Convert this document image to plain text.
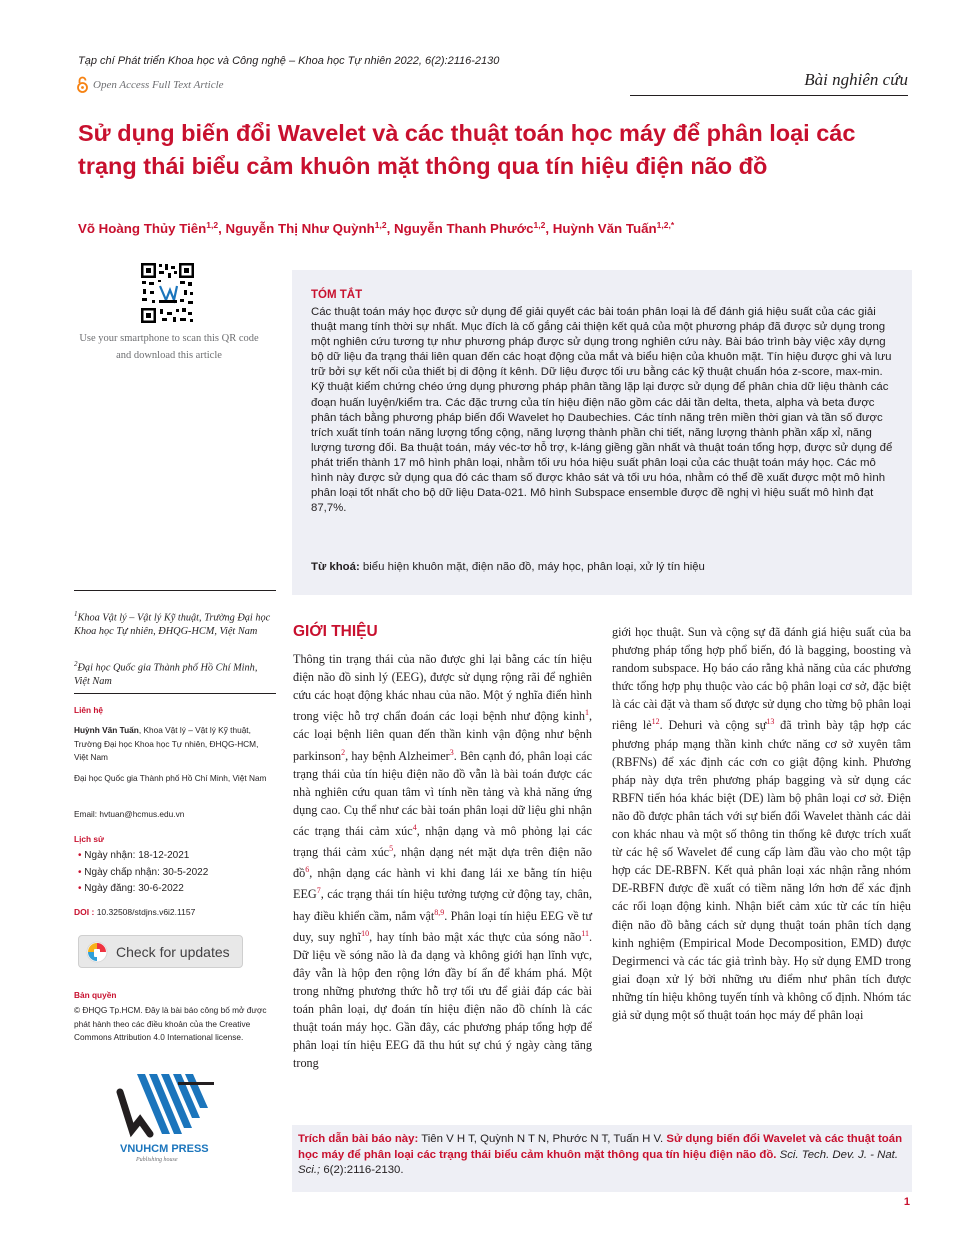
Tạp chí Phát triển Khoa học và Công nghệ – Khoa học Tự nhiên 2022, 6(2):2116-2130
Open Access Full Text Article	Bài nghiên cứu
Sử dụng biến đổi Wavelet và các thuật toán học máy để phân loại các trạng thái biểu cảm khuôn mặt thông qua tín hiệu điện não đồ
Võ Hoàng Thủy Tiên$^{1,2}$, Nguyễn Thị Như Quỳnh$^{1,2}$, Nguyễn Thanh Phước$^{1,2}$, Huỳnh Văn Tuấn$^{1,2,*}$
Use your smartphone to scan this QR code and download this article
TÓM TẮT
Các thuật toán máy học được sử dụng để giải quyết các bài toán phân loại là để đánh giá hiệu suất của các giải thuật mang tính thời sự nhất. Mục đích là cố gắng cải thiện kết quả của một phương pháp đã được sử dụng trong một nghiên cứu tương tự như phương pháp được sử dụng trong nghiên cứu này. Bài báo trình bày việc xây dựng bộ dữ liệu đa trạng thái liên quan đến các hoạt động của mắt và biểu hiện của khuôn mặt. Tín hiệu được ghi và lưu trữ bởi sự kết nối của thiết bị di động ít kênh. Dữ liệu được tối ưu bằng các kỹ thuật chuẩn hóa z-score, max-min. Kỹ thuật kiểm chứng chéo ứng dụng phương pháp phân tầng lặp lại được sử dụng để phân chia dữ liệu thành các đoạn huấn luyện/kiểm tra. Các đặc trưng của tín hiệu điện não gồm các dải tần delta, theta, alpha và beta được phân tách bằng phương pháp biến đổi Wavelet họ Daubechies. Các tính năng trên miền thời gian và tần số được trích xuất tính toán năng lượng tổng cộng, năng lượng thành phần chi tiết, năng lượng thành phần xấp xỉ, năng lượng tương đối. Ba thuật toán, máy véc-tơ hỗ trợ, k-láng giềng gần nhất và thuật toán tổng hợp, được sử dụng để phát triển thành 17 mô hình phân loại, nhằm tối ưu hóa hiệu suất phân loại của các thuật toán máy học. Các mô hình này được sử dụng qua đó các tham số được khảo sát và tối ưu hóa, nhằm có thể đề xuất được một mô hình phân loại tốt nhất cho bộ dữ liệu Data-021. Mô hình Subspace ensemble được đề nghị vì hiệu suất mô hình đạt 87,7%.
Từ khoá: biểu hiện khuôn mặt, điện não đồ, máy học, phân loại, xử lý tín hiệu
$^1$Khoa Vật lý – Vật lý Kỹ thuật, Trường Đại học Khoa học Tự nhiên, ĐHQG-HCM, Việt Nam
$^2$Đại học Quốc gia Thành phố Hồ Chí Minh, Việt Nam
Liên hệ
Huỳnh Văn Tuấn, Khoa Vật lý – Vật lý Kỹ thuật, Trường Đại học Khoa học Tự nhiên, ĐHQG-HCM, Việt Nam
Đại học Quốc gia Thành phố Hồ Chí Minh, Việt Nam
Email: hvtuan@hcmus.edu.vn
Lịch sử
• Ngày nhận: 18-12-2021
• Ngày chấp nhận: 30-5-2022
• Ngày đăng: 30-6-2022
DOI : 10.32508/stdjns.v6i2.1157
Check for updates
Bản quyền
© ĐHQG Tp.HCM. Đây là bài báo công bố mở được phát hành theo các điều khoản của the Creative Commons Attribution 4.0 International license.
VNUHCM PRESS
Publishing house
GIỚI THIỆU
Thông tin trạng thái của não được ghi lại bằng các tín hiệu điện não đồ sinh lý (EEG), được sử dụng rộng rãi để nghiên cứu các hoạt động khác nhau của não. Một ý nghĩa điển hình trong việc hỗ trợ chẩn đoán các loại bệnh như động kinh$^1$, các loại bệnh liên quan đến thần kinh vận động như bệnh parkinson$^2$, hay bệnh Alzheimer$^3$. Bên cạnh đó, phân loại các trạng thái của tín hiệu điện não đồ vẫn là bài toán được các nhà nghiên cứu quan tâm vì tính nền tảng và khả năng ứng dụng cao. Cụ thể như các bài toán phân loại dữ liệu ghi nhận các trạng thái cảm xúc$^4$, nhận dạng và mô phỏng lại các trạng thái cảm xúc$^5$, nhận dạng nét mặt dựa trên điện não đồ$^6$, nhận dạng các hành vi khi đang lái xe bằng tín hiệu EEG$^7$, các trạng thái tín hiệu tưởng tượng cử động tay, chân, hay điều khiển cầm, nắm vật$^{8,9}$. Phân loại tín hiệu EEG về tư duy, suy nghĩ$^{10}$, hay tính bảo mật xác thực của sóng não$^{11}$. Dữ liệu về sóng não là đa dạng và không giới hạn lĩnh vực, đây vẫn là hộp đen rộng lớn đầy bí ẩn để khám phá. Một trong những phương thức hỗ trợ tối ưu để giải đáp các bài toán phân loại, dự đoán tín hiệu điện não đồ chính là các thuật toán máy học. Gần đây, các phương pháp tổng hợp để phân loại tín hiệu EEG đã thu hút sự chú ý ngày càng tăng trong
giới học thuật. Sun và cộng sự đã đánh giá hiệu suất của ba phương pháp tổng hợp phổ biến, đó là bagging, boosting và random subspace. Họ báo cáo rằng khả năng của các phương thức tổng hợp phụ thuộc vào các bộ phân loại cơ sở, đặc biệt là các cài đặt và tham số được sử dụng cho từng bộ phân loại riêng lẻ$^{12}$. Dehuri và cộng sự$^{13}$ đã trình bày tập hợp các phương pháp mạng thần kinh chức năng cơ sở xuyên tâm (RBFNs) để xác định các cơn co giật động kinh. Phương pháp này dựa trên phương pháp bagging và sử dụng các RBFN tiến hóa khác biệt (DE) làm bộ phân loại cơ sở. Điện não đồ được phân tách với sự biến đổi Wavelet thành các dải con khác nhau và một số thông tin thống kê được trích xuất từ các hệ số Wavelet để cung cấp làm đầu vào cho một tập hợp các DE-RBFN. Kết quả phân loại xác nhận rằng nhóm DE-RBFN được đề xuất có tiềm năng lớn hơn để xác định các rối loạn động kinh. Nhận biết cảm xúc từ các tín hiệu điện não đồ bằng cách sử dụng thuật toán phân tích dạng kinh nghiệm (Empirical Mode Decomposition, EMD) được Degirmenci và các tác giả trình bày. Họ sử dụng EMD trong giai đoạn xử lý bởi những ưu điểm như phân tích được những tín hiệu không tuyến tính và không cố định. Nhóm tác giả sử dụng một số thuật toán học máy để phân loại
Trích dẫn bài báo này: Tiên V H T, Quỳnh N T N, Phước N T, Tuấn H V. Sử dụng biến đổi Wavelet và các thuật toán học máy để phân loại các trạng thái biểu cảm khuôn mặt thông qua tín hiệu điện não đồ. Sci. Tech. Dev. J. - Nat. Sci.; 6(2):2116-2130.
1
